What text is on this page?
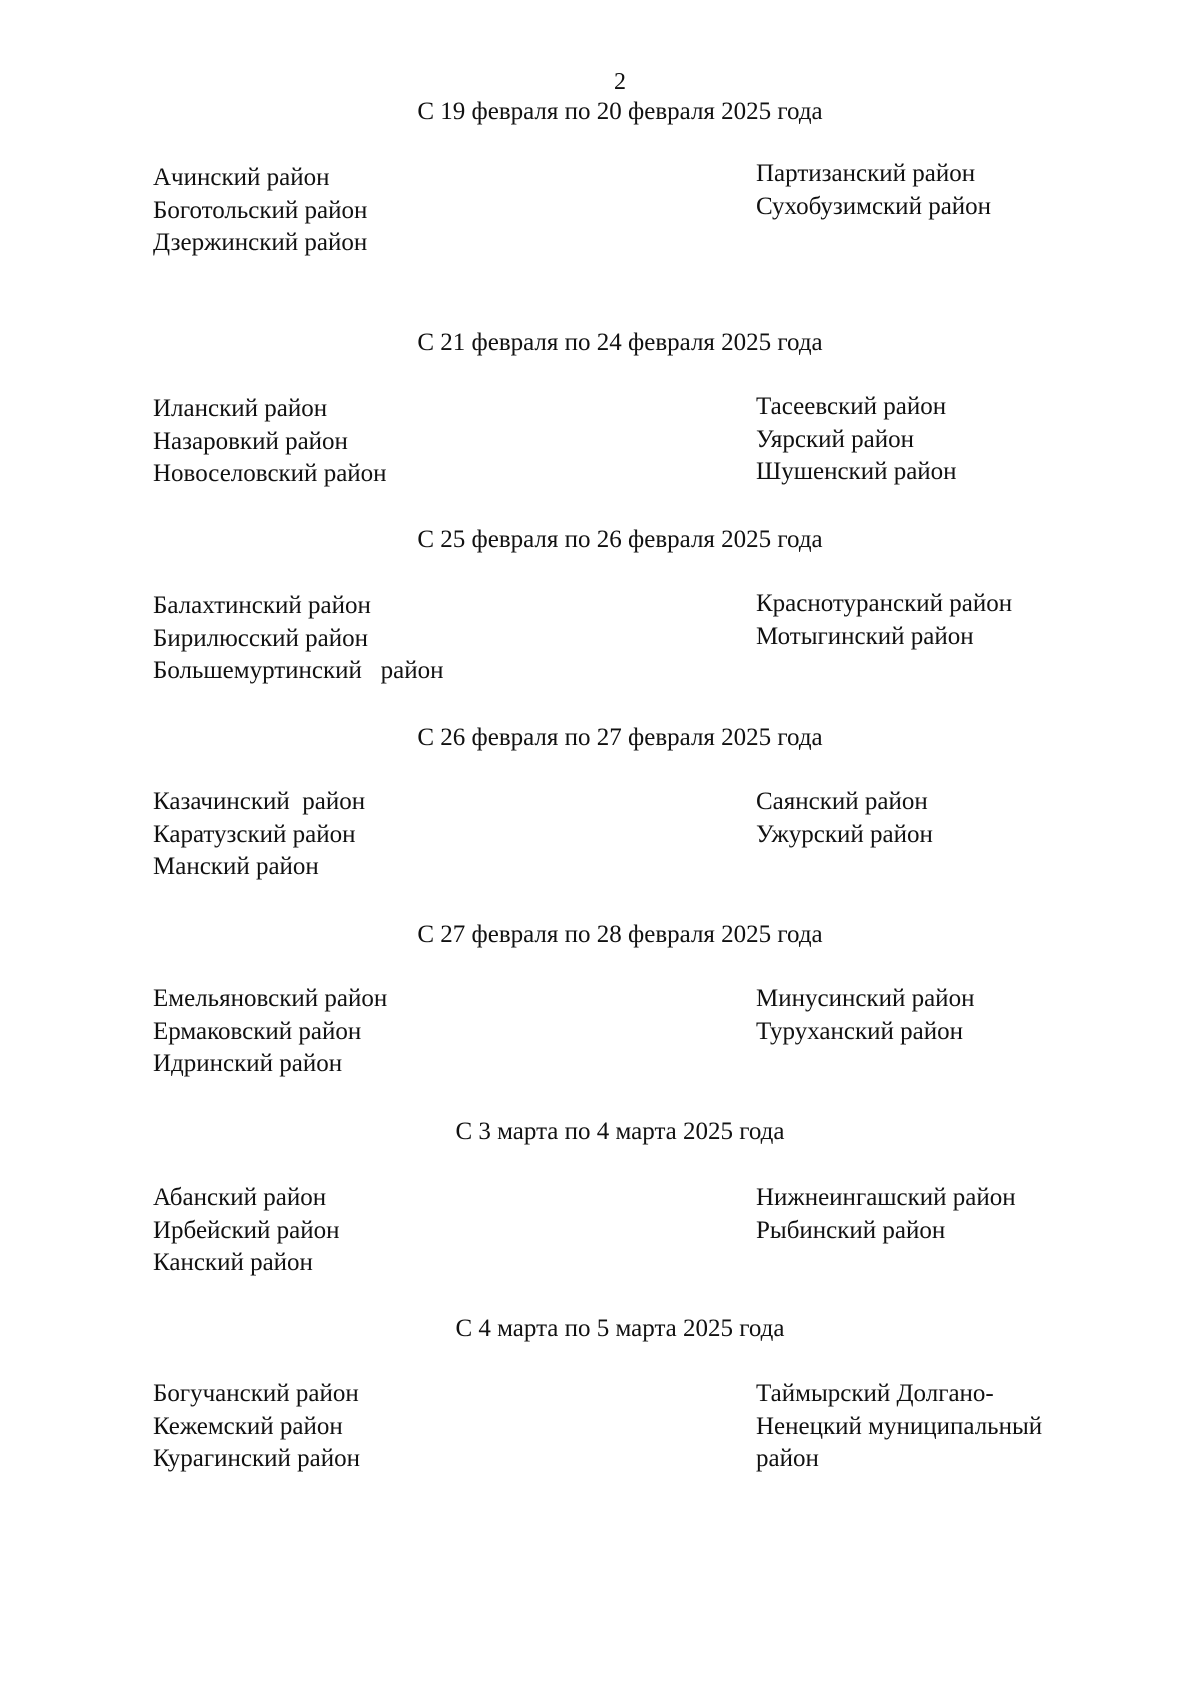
2
С 19 февраля по 20 февраля 2025 года
Ачинский район
Боготольский район
Дзержинский район
Партизанский район
Сухобузимский район
С 21 февраля по 24 февраля 2025 года
Иланский район
Назаровкий район
Новоселовский район
Тасеевский район
Уярский район
Шушенский район
С 25 февраля по 26 февраля 2025 года
Балахтинский район
Бирилюсский район
Большемуртинский   район
Краснотуранский район
Мотыгинский район
С 26 февраля по 27 февраля 2025 года
Казачинский  район
Каратузский район
Манский район
Саянский район
Ужурский район
С 27 февраля по 28 февраля 2025 года
Емельяновский район
Ермаковский район
Идринский район
Минусинский район
Туруханский район
С 3 марта по 4 марта 2025 года
Абанский район
Ирбейский район
Канский район
Нижнеингашский район
Рыбинский район
С 4 марта по 5 марта 2025 года
Богучанский район
Кежемский район
Курагинский район
Таймырский Долгано-
Ненецкий муниципальный
район
